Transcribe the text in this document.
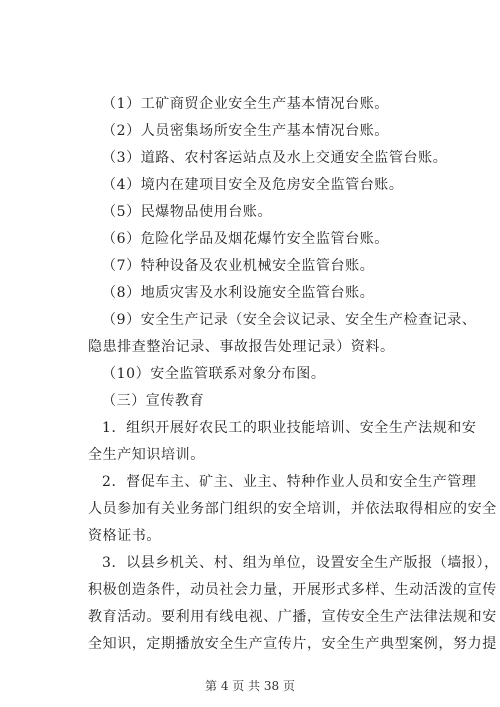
（1）工矿商贸企业安全生产基本情况台账。
（2）人员密集场所安全生产基本情况台账。
（3）道路、农村客运站点及水上交通安全监管台账。
（4）境内在建项目安全及危房安全监管台账。
（5）民爆物品使用台账。
（6）危险化学品及烟花爆竹安全监管台账。
（7）特种设备及农业机械安全监管台账。
（8）地质灾害及水利设施安全监管台账。
（9）安全生产记录（安全会议记录、安全生产检查记录、
隐患排查整治记录、事故报告处理记录）资料。
（10）安全监管联系对象分布图。
（三）宣传教育
1．组织开展好农民工的职业技能培训、安全生产法规和安
全生产知识培训。
2．督促车主、矿主、业主、特种作业人员和安全生产管理
人员参加有关业务部门组织的安全培训，并依法取得相应的安全
资格证书。
3．以县乡机关、村、组为单位，设置安全生产版报（墙报），
积极创造条件，动员社会力量，开展形式多样、生动活泼的宣传
教育活动。要利用有线电视、广播，宣传安全生产法律法规和安
全知识，定期播放安全生产宣传片，安全生产典型案例，努力提
第 4 页 共 38 页
